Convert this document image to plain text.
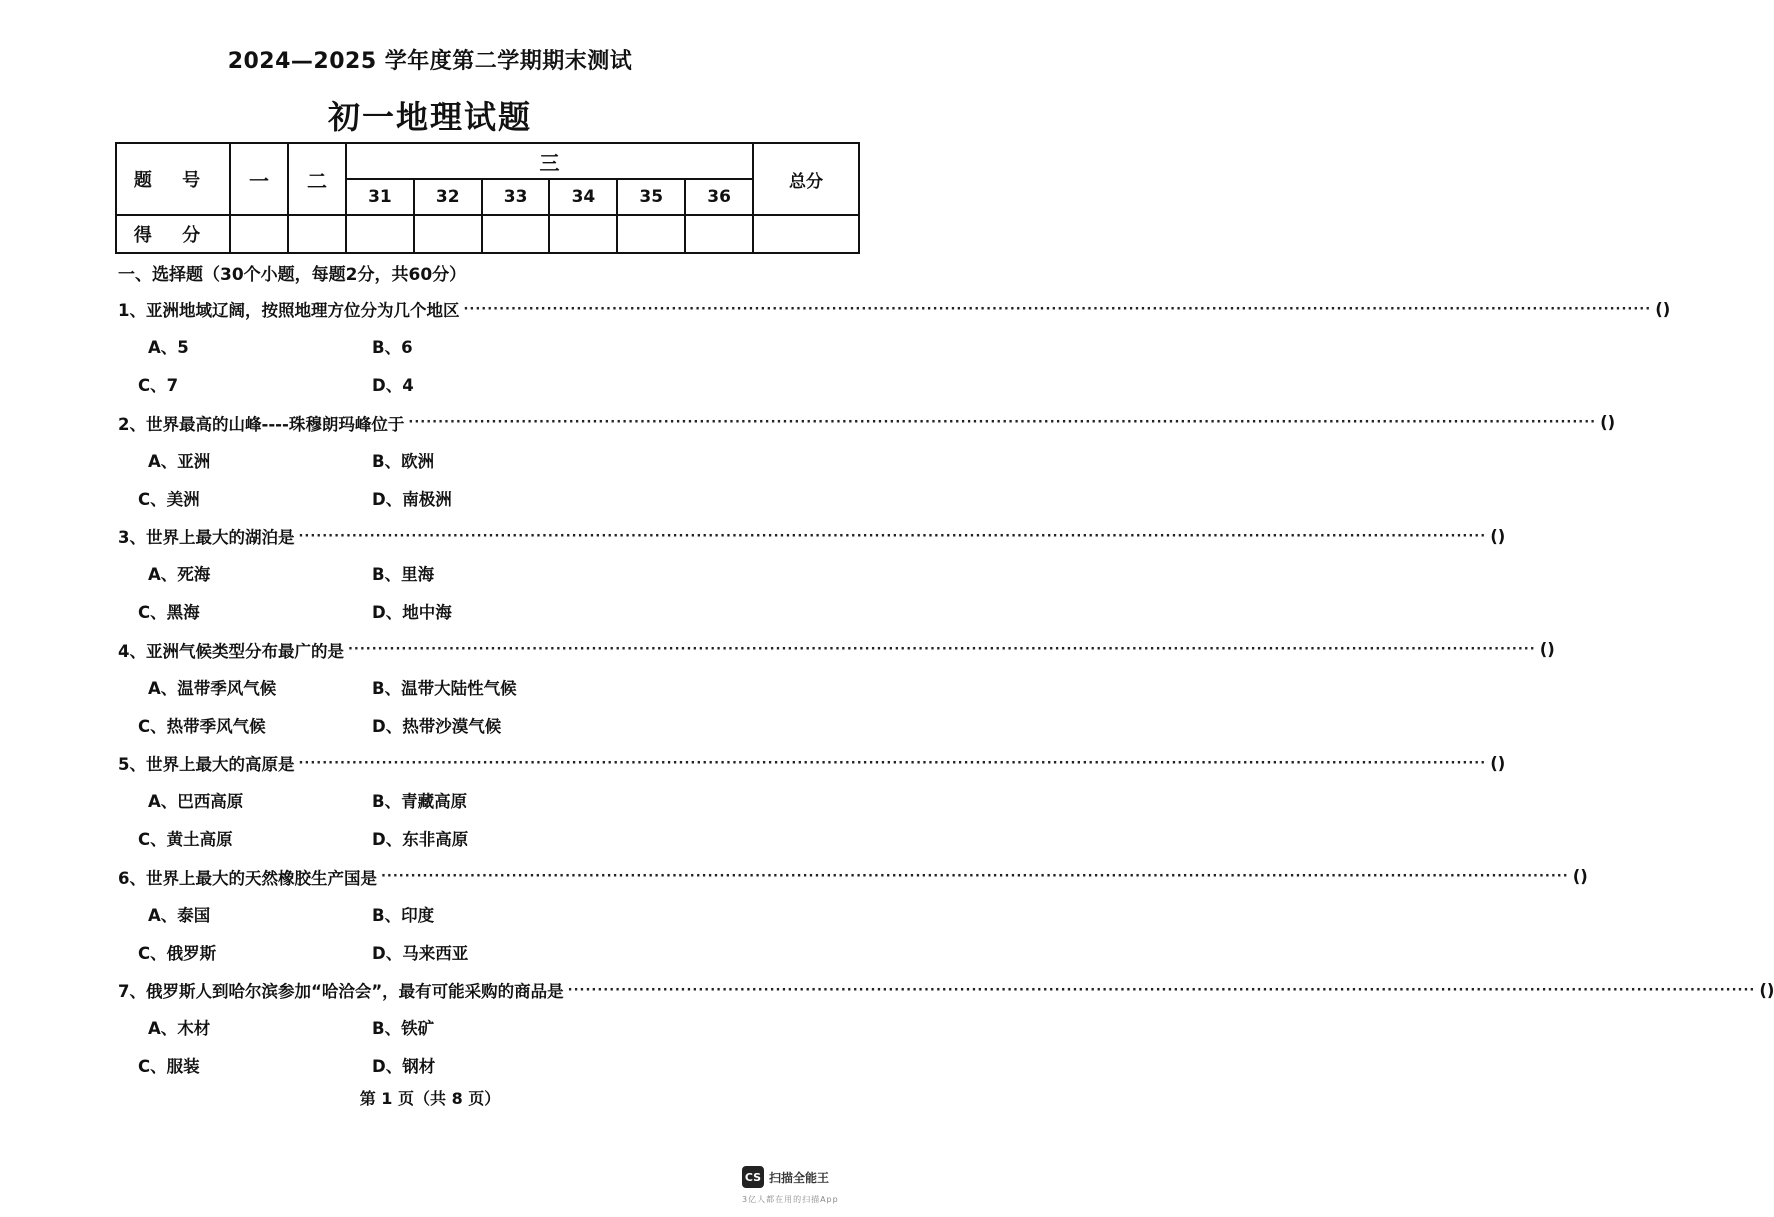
2024—2025 学年度第二学期期末测试
初一地理试题
题 号	一	二	三						总分
			31	32	33	34	35	36	
得 分									
一、选择题（30个小题，每题2分，共60分）
1、亚洲地域辽阔，按照地理方位分为几个地区 ········································································································································································································ ( )
A、5	B、6
C、7	D、4
2、世界最高的山峰----珠穆朗玛峰位于 ········································································································································································································ ( )
A、亚洲	B、欧洲
C、美洲	D、南极洲
3、世界上最大的湖泊是 ········································································································································································································ ( )
A、死海	B、里海
C、黑海	D、地中海
4、亚洲气候类型分布最广的是 ········································································································································································································ ( )
A、温带季风气候	B、温带大陆性气候
C、热带季风气候	D、热带沙漠气候
5、世界上最大的高原是 ········································································································································································································ ( )
A、巴西高原	B、青藏高原
C、黄土高原	D、东非高原
6、世界上最大的天然橡胶生产国是 ········································································································································································································ ( )
A、泰国	B、印度
C、俄罗斯	D、马来西亚
7、俄罗斯人到哈尔滨参加“哈洽会”，最有可能采购的商品是 ········································································································································································································ ( )
A、木材	B、铁矿
C、服装	D、钢材
第 1 页（共 8 页）
CS 扫描全能王
3亿人都在用的扫描App
